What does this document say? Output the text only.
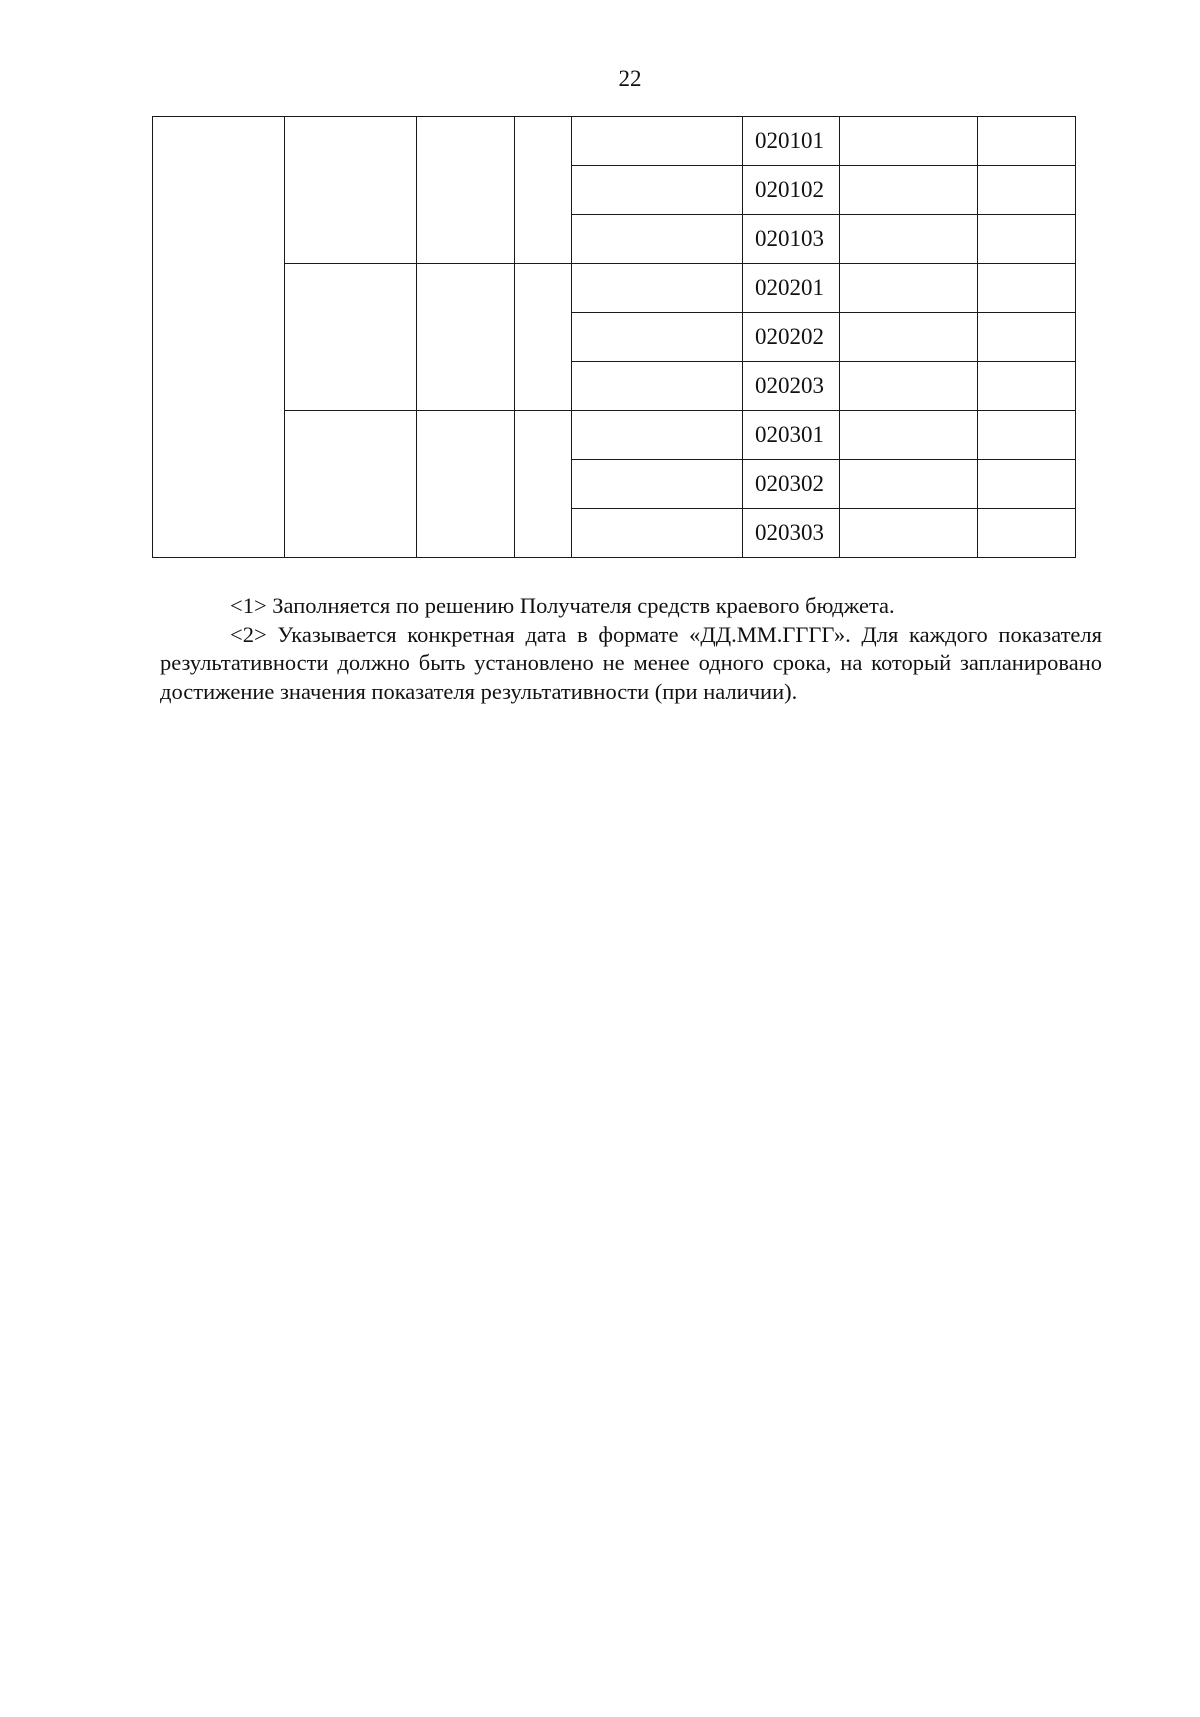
22
					020101		
					020102		
					020103		
					020201		
					020202		
					020203		
					020301		
					020302		
					020303		

<1> Заполняется по решению Получателя средств краевого бюджета.

<2> Указывается конкретная дата в формате «ДД.ММ.ГГГГ». Для каждого показателя результативности должно быть установлено не менее одного срока, на который запланировано достижение значения показателя результативности (при наличии).
